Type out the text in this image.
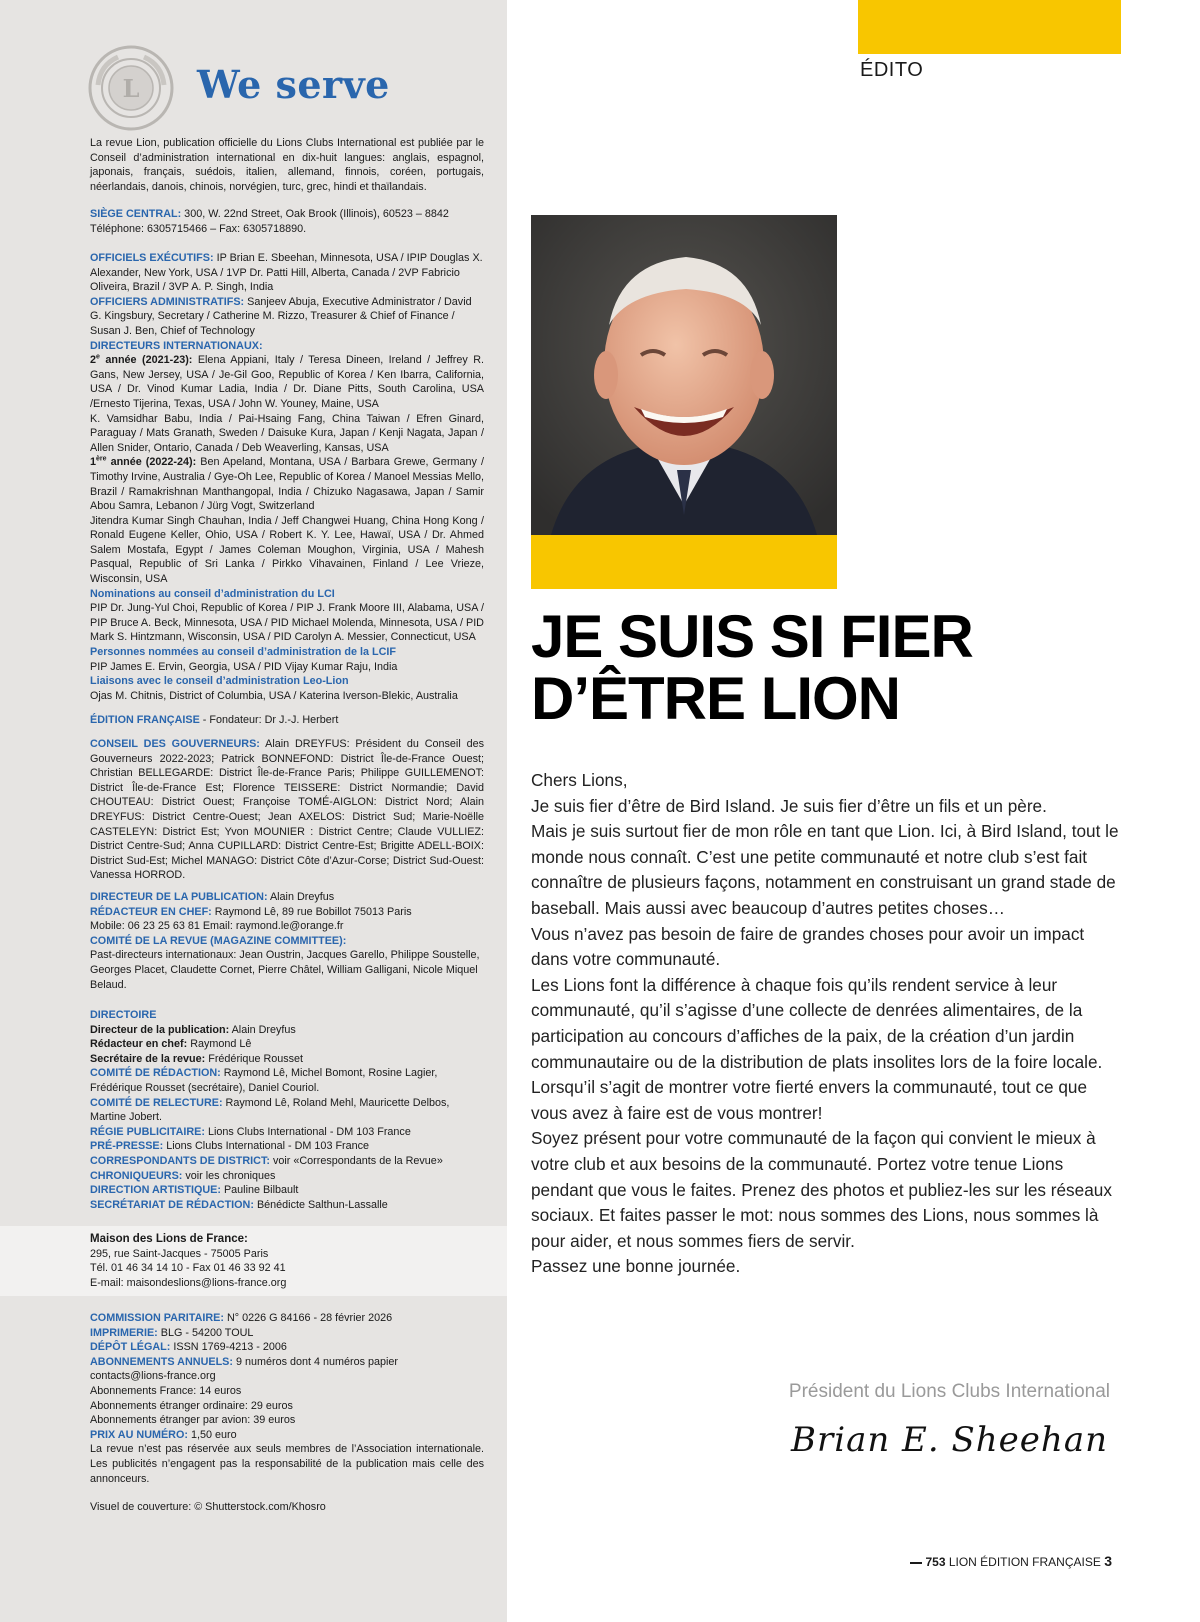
L We serve

La revue Lion, publication officielle du Lions Clubs International est publiée par le Conseil d’administration international en dix-huit langues: anglais, espagnol, japonais, français, suédois, italien, allemand, finnois, coréen, portugais, néerlandais, danois, chinois, norvégien, turc, grec, hindi et thaïlandais.

SIÈGE CENTRAL: 300, W. 22nd Street, Oak Brook (Illinois), 60523 – 8842

Téléphone: 6305715466 – Fax: 6305718890.

OFFICIELS EXÉCUTIFS: IP Brian E. Sbeehan, Minnesota, USA / IPIP Douglas X. Alexander, New York, USA / 1VP Dr. Patti Hill, Alberta, Canada / 2VP Fabricio Oliveira, Brazil / 3VP A. P. Singh, India

OFFICIERS ADMINISTRATIFS: Sanjeev Abuja, Executive Administrator / David G. Kingsbury, Secretary / Catherine M. Rizzo, Treasurer & Chief of Finance / Susan J. Ben, Chief of Technology

DIRECTEURS INTERNATIONAUX:

2e année (2021-23): Elena Appiani, Italy / Teresa Dineen, Ireland / Jeffrey R. Gans, New Jersey, USA / Je-Gil Goo, Republic of Korea / Ken Ibarra, California, USA / Dr. Vinod Kumar Ladia, India / Dr. Diane Pitts, South Carolina, USA /Ernesto Tijerina, Texas, USA / John W. Youney, Maine, USA

K. Vamsidhar Babu, India / Pai-Hsaing Fang, China Taiwan / Efren Ginard, Paraguay / Mats Granath, Sweden / Daisuke Kura, Japan / Kenji Nagata, Japan / Allen Snider, Ontario, Canada / Deb Weaverling, Kansas, USA

1ère année (2022-24): Ben Apeland, Montana, USA / Barbara Grewe, Germany / Timothy Irvine, Australia / Gye-Oh Lee, Republic of Korea / Manoel Messias Mello, Brazil / Ramakrishnan Manthangopal, India / Chizuko Nagasawa, Japan / Samir Abou Samra, Lebanon / Jürg Vogt, Switzerland

Jitendra Kumar Singh Chauhan, India / Jeff Changwei Huang, China Hong Kong / Ronald Eugene Keller, Ohio, USA / Robert K. Y. Lee, Hawaï, USA / Dr. Ahmed Salem Mostafa, Egypt / James Coleman Moughon, Virginia, USA / Mahesh Pasqual, Republic of Sri Lanka / Pirkko Vihavainen, Finland / Lee Vrieze, Wisconsin, USA

Nominations au conseil d’administration du LCI

PIP Dr. Jung-Yul Choi, Republic of Korea / PIP J. Frank Moore III, Alabama, USA / PIP Bruce A. Beck, Minnesota, USA / PID Michael Molenda, Minnesota, USA / PID Mark S. Hintzmann, Wisconsin, USA / PID Carolyn A. Messier, Connecticut, USA

Personnes nommées au conseil d’administration de la LCIF

PIP James E. Ervin, Georgia, USA / PID Vijay Kumar Raju, India

Liaisons avec le conseil d’administration Leo-Lion

Ojas M. Chitnis, District of Columbia, USA / Katerina Iverson-Blekic, Australia

ÉDITION FRANÇAISE - Fondateur: Dr J.-J. Herbert

CONSEIL DES GOUVERNEURS: Alain DREYFUS: Président du Conseil des Gouverneurs 2022-2023; Patrick BONNEFOND: District Île-de-France Ouest; Christian BELLEGARDE: District Île-de-France Paris; Philippe GUILLEMENOT: District Île-de-France Est; Florence TEISSERE: District Normandie; David CHOUTEAU: District Ouest; Françoise TOMÉ-AIGLON: District Nord; Alain DREYFUS: District Centre-Ouest; Jean AXELOS: District Sud; Marie-Noëlle CASTELEYN: District Est; Yvon MOUNIER : District Centre; Claude VULLIEZ: District Centre-Sud; Anna CUPILLARD: District Centre-Est; Brigitte ADELL-BOIX: District Sud-Est; Michel MANAGO: District Côte d’Azur-Corse; District Sud-Ouest: Vanessa HORROD.

DIRECTEUR DE LA PUBLICATION: Alain Dreyfus

RÉDACTEUR EN CHEF: Raymond Lê, 89 rue Bobillot 75013 Paris

Mobile: 06 23 25 63 81 Email: raymond.le@orange.fr

COMITÉ DE LA REVUE (MAGAZINE COMMITTEE):

Past-directeurs internationaux: Jean Oustrin, Jacques Garello, Philippe Soustelle, Georges Placet, Claudette Cornet, Pierre Châtel, William Galligani, Nicole Miquel Belaud.

DIRECTOIRE

Directeur de la publication: Alain Dreyfus

Rédacteur en chef: Raymond Lê

Secrétaire de la revue: Frédérique Rousset

COMITÉ DE RÉDACTION: Raymond Lê, Michel Bomont, Rosine Lagier, Frédérique Rousset (secrétaire), Daniel Couriol.

COMITÉ DE RELECTURE: Raymond Lê, Roland Mehl, Mauricette Delbos, Martine Jobert.

RÉGIE PUBLICITAIRE: Lions Clubs International - DM 103 France

PRÉ-PRESSE: Lions Clubs International - DM 103 France

CORRESPONDANTS DE DISTRICT: voir «Correspondants de la Revue»

CHRONIQUEURS: voir les chroniques

DIRECTION ARTISTIQUE: Pauline Bilbault

SECRÉTARIAT DE RÉDACTION: Bénédicte Salthun-Lassalle

Maison des Lions de France:

295, rue Saint-Jacques - 75005 Paris

Tél. 01 46 34 14 10 - Fax 01 46 33 92 41

E-mail: maisondeslions@lions-france.org

COMMISSION PARITAIRE: N° 0226 G 84166 - 28 février 2026

IMPRIMERIE: BLG - 54200 TOUL

DÉPÔT LÉGAL: ISSN 1769-4213 - 2006

ABONNEMENTS ANNUELS: 9 numéros dont 4 numéros papier

contacts@lions-france.org

Abonnements France: 14 euros

Abonnements étranger ordinaire: 29 euros

Abonnements étranger par avion: 39 euros

PRIX AU NUMÉRO: 1,50 euro

La revue n’est pas réservée aux seuls membres de l’Association internationale. Les publicités n’engagent pas la responsabilité de la publication mais celle des annonceurs.

Visuel de couverture: © Shutterstock.com/Khosro

ÉDITO
JE SUIS SI FIER
D’ÊTRE LION

Chers Lions,

Je suis fier d’être de Bird Island. Je suis fier d’être un fils et un père.

Mais je suis surtout fier de mon rôle en tant que Lion. Ici, à Bird Island, tout le monde nous connaît. C’est une petite communauté et notre club s’est fait connaître de plusieurs façons, notamment en construisant un grand stade de baseball. Mais aussi avec beaucoup d’autres petites choses…

Vous n’avez pas besoin de faire de grandes choses pour avoir un impact dans votre communauté.

Les Lions font la différence à chaque fois qu’ils rendent service à leur communauté, qu’il s’agisse d’une collecte de denrées alimentaires, de la participation au concours d’affiches de la paix, de la création d’un jardin communautaire ou de la distribution de plats insolites lors de la foire locale. Lorsqu’il s’agit de montrer votre fierté envers la communauté, tout ce que vous avez à faire est de vous montrer!

Soyez présent pour votre communauté de la façon qui convient le mieux à votre club et aux besoins de la communauté. Portez votre tenue Lions pendant que vous le faites. Prenez des photos et publiez-les sur les réseaux sociaux. Et faites passer le mot: nous sommes des Lions, nous sommes là pour aider, et nous sommes fiers de servir.

Passez une bonne journée.

Président du Lions Clubs International
Brian E. Sheehan
753 LION ÉDITION FRANÇAISE 3
